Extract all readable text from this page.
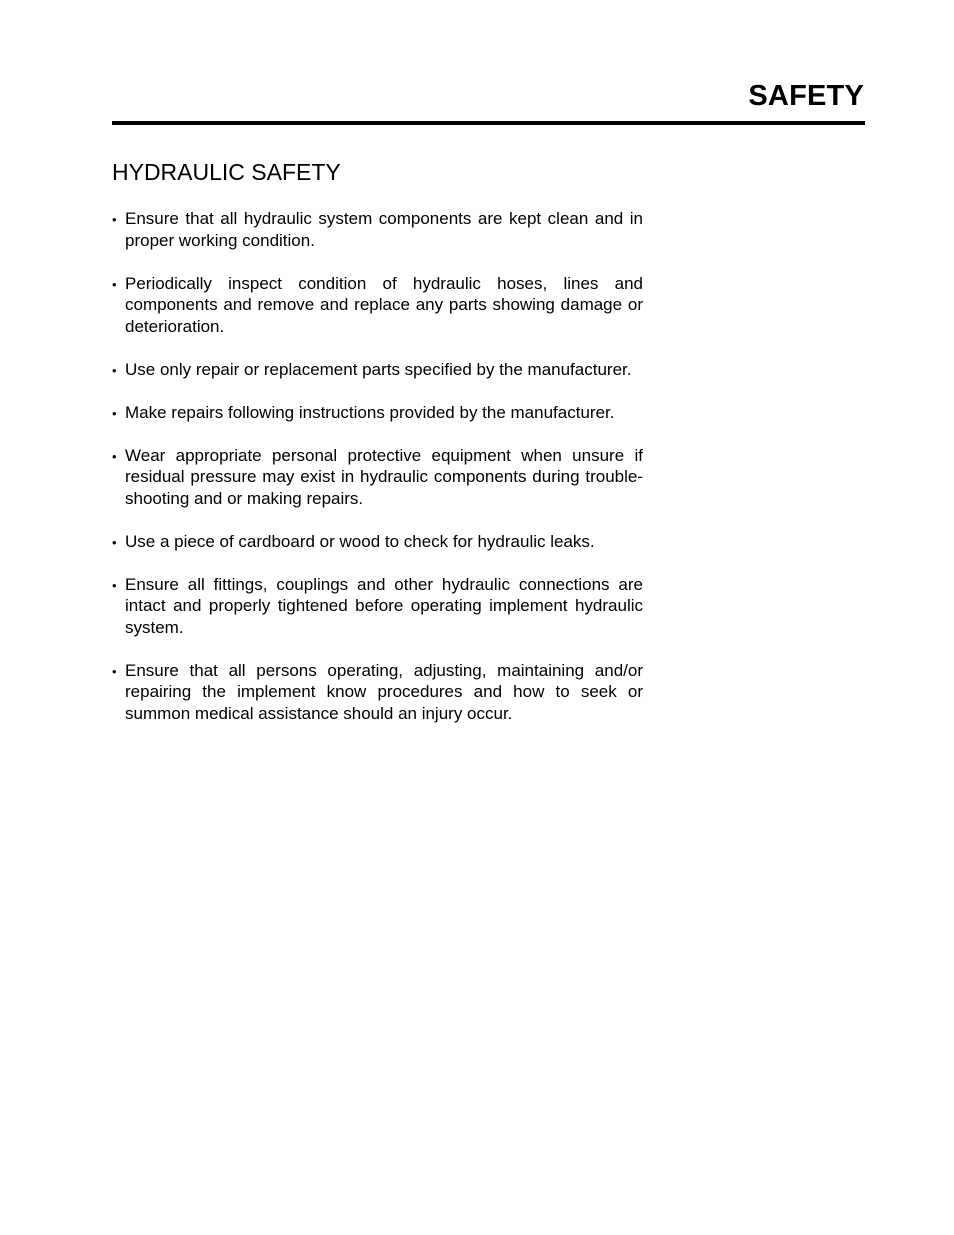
SAFETY
HYDRAULIC SAFETY
• Ensure that all hydraulic system components are kept clean and in proper working condition.
• Periodically inspect condition of hydraulic hoses, lines and components and remove and replace any parts showing damage or deterioration.
• Use only repair or replacement parts specified by the manufacturer.
• Make repairs following instructions provided by the manufacturer.
• Wear appropriate personal protective equipment when unsure if residual pressure may exist in hydraulic components during trouble-shooting and or making repairs.
• Use a piece of cardboard or wood to check for hydraulic leaks.
• Ensure all fittings, couplings and other hydraulic connections are intact and properly tightened before operating implement hydraulic system.
• Ensure that all persons operating, adjusting, maintaining and/or repairing the implement know procedures and how to seek or summon medical assistance should an injury occur.
